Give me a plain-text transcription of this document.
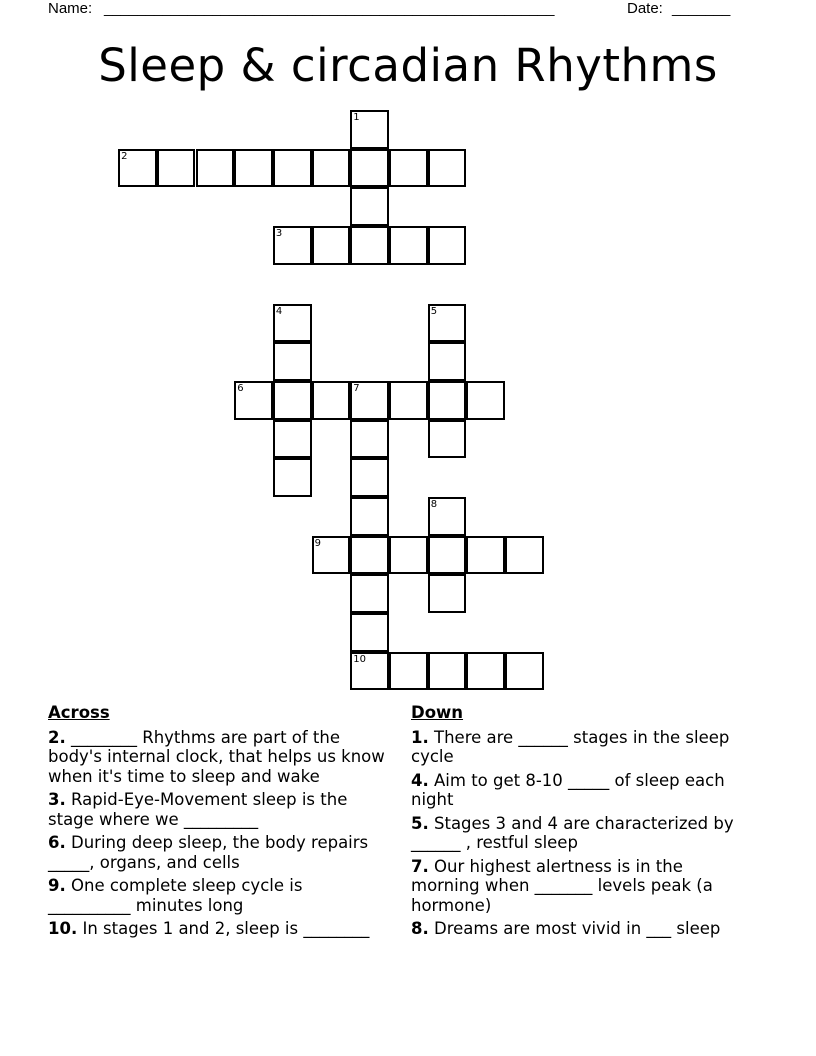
Name: ______________________________________________________	Date: _______
Sleep & circadian Rhythms
1
2
3
4	5
6	7
8
9
10
Across
2. ________ Rhythms are part of the body's internal clock, that helps us know when it's time to sleep and wake
3. Rapid-Eye-Movement sleep is the stage where we _________
6. During deep sleep, the body repairs _____, organs, and cells
9. One complete sleep cycle is __________ minutes long
10. In stages 1 and 2, sleep is ________
Down
1. There are ______ stages in the sleep cycle
4. Aim to get 8-10 _____ of sleep each night
5. Stages 3 and 4 are characterized by ______ , restful sleep
7. Our highest alertness is in the morning when _______ levels peak (a hormone)
8. Dreams are most vivid in ___ sleep
